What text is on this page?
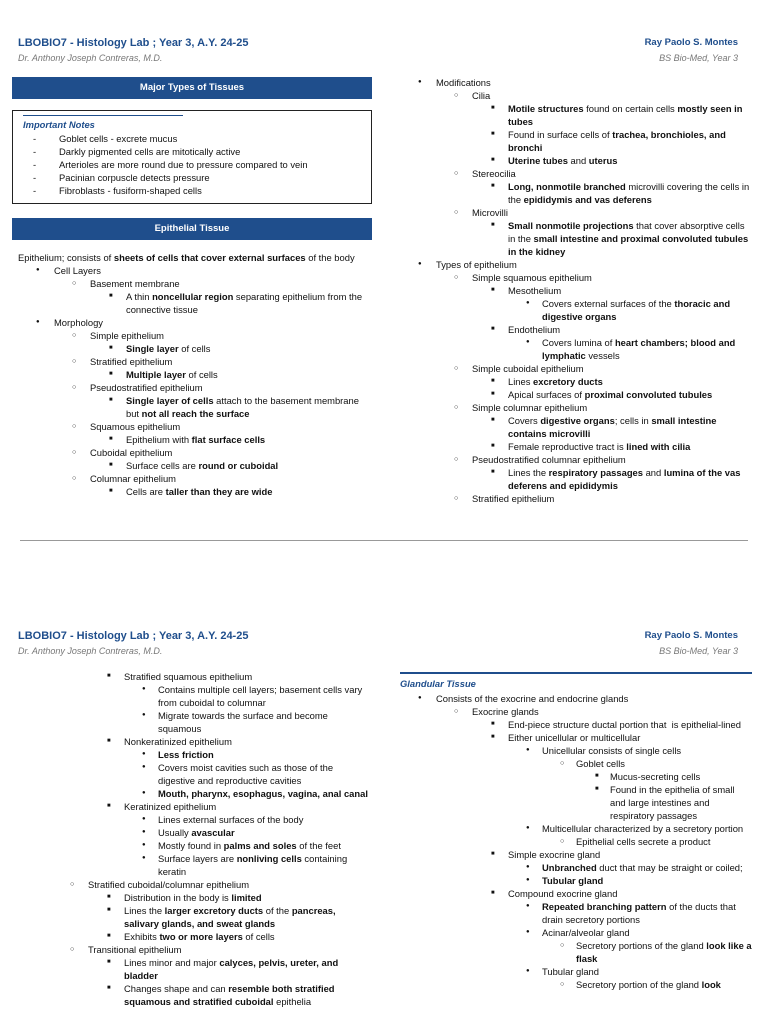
LBOBIO7 - Histology Lab ; Year 3, A.Y. 24-25
Dr. Anthony Joseph Contreras, M.D.
Ray Paolo S. Montes
BS Bio-Med, Year 3
Major Types of Tissues
Important Notes
- Goblet cells - excrete mucus
- Darkly pigmented cells are mitotically active
- Arterioles are more round due to pressure compared to vein
- Pacinian corpuscle detects pressure
- Fibroblasts - fusiform-shaped cells
Epithelial Tissue
Epithelium; consists of sheets of cells that cover external surfaces of the body
● Cell Layers
○ Basement membrane
■ A thin noncellular region separating epithelium from the connective tissue
● Morphology
○ Simple epithelium
■ Single layer of cells
○ Stratified epithelium
■ Multiple layer of cells
○ Pseudostratified epithelium
■ Single layer of cells attach to the basement membrane but not all reach the surface
○ Squamous epithelium
■ Epithelium with flat surface cells
○ Cuboidal epithelium
■ Surface cells are round or cuboidal
○ Columnar epithelium
■ Cells are taller than they are wide
● Modifications
○ Cilia
■ Motile structures found on certain cells mostly seen in tubes
■ Found in surface cells of trachea, bronchioles, and bronchi
■ Uterine tubes and uterus
○ Stereocilia
■ Long, nonmotile branched microvilli covering the cells in the epididymis and vas deferens
○ Microvilli
■ Small nonmotile projections that cover absorptive cells in the small intestine and proximal convoluted tubules in the kidney
● Types of epithelium
○ Simple squamous epithelium
■ Mesothelium
● Covers external surfaces of the thoracic and digestive organs
■ Endothelium
● Covers lumina of heart chambers; blood and lymphatic vessels
○ Simple cuboidal epithelium
■ Lines excretory ducts
■ Apical surfaces of proximal convoluted tubules
○ Simple columnar epithelium
■ Covers digestive organs; cells in small intestine contains microvilli
■ Female reproductive tract is lined with cilia
○ Pseudostratified columnar epithelium
■ Lines the respiratory passages and lumina of the vas deferens and epididymis
○ Stratified epithelium
LBOBIO7 - Histology Lab ; Year 3, A.Y. 24-25
Dr. Anthony Joseph Contreras, M.D.
Ray Paolo S. Montes
BS Bio-Med, Year 3
■ Stratified squamous epithelium
● Contains multiple cell layers; basement cells vary from cuboidal to columnar
● Migrate towards the surface and become squamous
■ Nonkeratinized epithelium
● Less friction
● Covers moist cavities such as those of the digestive and reproductive cavities
● Mouth, pharynx, esophagus, vagina, anal canal
■ Keratinized epithelium
● Lines external surfaces of the body
● Usually avascular
● Mostly found in palms and soles of the feet
● Surface layers are nonliving cells containing keratin
○ Stratified cuboidal/columnar epithelium
■ Distribution in the body is limited
■ Lines the larger excretory ducts of the pancreas, salivary glands, and sweat glands
■ Exhibits two or more layers of cells
○ Transitional epithelium
■ Lines minor and major calyces, pelvis, ureter, and bladder
■ Changes shape and can resemble both stratified squamous and stratified cuboidal epithelia
Glandular Tissue
● Consists of the exocrine and endocrine glands
○ Exocrine glands
■ End-piece structure ductal portion that  is epithelial-lined
■ Either unicellular or multicellular
● Unicellular consists of single cells
○ Goblet cells
■ Mucus-secreting cells
■ Found in the epithelia of small and large intestines and respiratory passages
● Multicellular characterized by a secretory portion
○ Epithelial cells secrete a product
■ Simple exocrine gland
● Unbranched duct that may be straight or coiled;
● Tubular gland
■ Compound exocrine gland
● Repeated branching pattern of the ducts that drain secretory portions
● Acinar/alveolar gland
○ Secretory portions of the gland look like a flask
● Tubular gland
○ Secretory portion of the gland look
